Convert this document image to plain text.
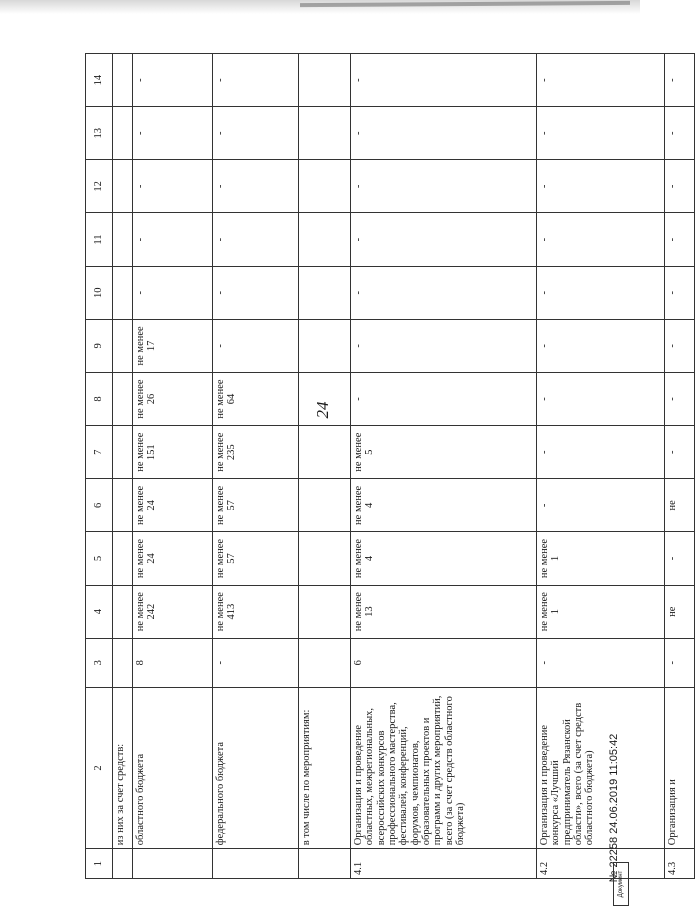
24
1	2	3	4	5	6	7	8	9	10	11	12	13	14
	из них за счет средств:												
	областного бюджета	8	не менее 242	не менее 24	не менее 24	не менее 151	не менее 26	не менее 17	-	-	-	-	-
	федерального бюджета	-	не менее 413	не менее 57	не менее 57	не менее 235	не менее 64	-	-	-	-	-	-
	в том числе по мероприятиям:												
4.1	Организация и проведение областных, межрегиональных, всероссийских конкурсов профессионального мастерства, фестивалей, конференций, форумов, чемпионатов, образовательных проектов и программ и других мероприятий, всего (за счет средств областного бюджета)	6	не менее 13	не менее 4	не менее 4	не менее 5	-	-	-	-	-	-	-
4.2	Организация и проведение конкурса «Лучший предприниматель Рязанской области», всего (за счет средств областного бюджета)	-	не менее 1	не менее 1	-	-	-	-	-	-	-	-	-
4.3	Организация и	-	не	-	не	-	-	-	-	-	-	-	-
№ 22258 24.06.2019 11:05:42
Документ
